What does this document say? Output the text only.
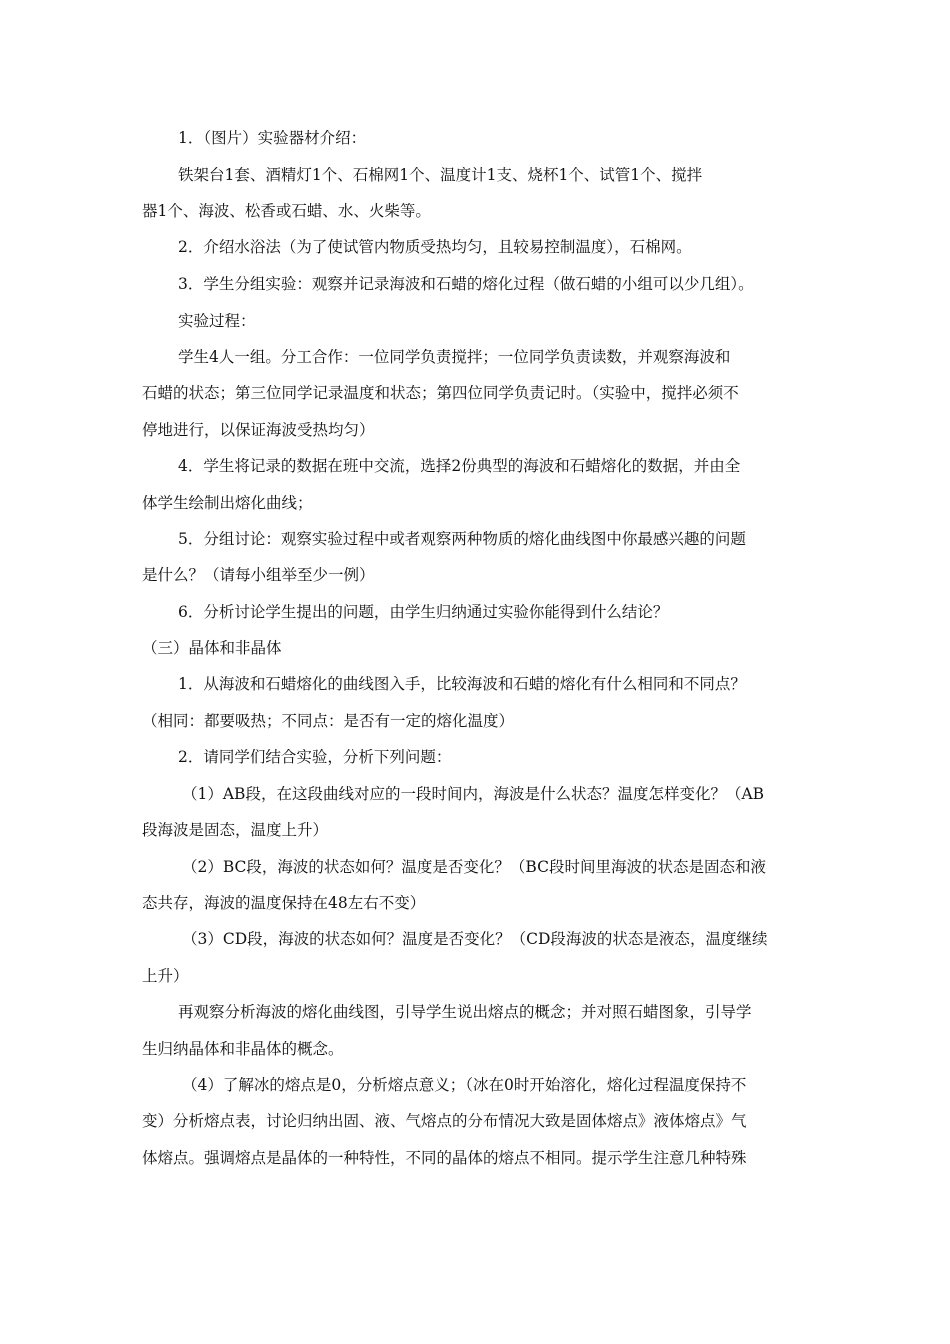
1．（图片）实验器材介绍：
铁架台1套、酒精灯1个、石棉网1个、温度计1支、烧杯1个、试管1个、搅拌
器1个、海波、松香或石蜡、水、火柴等。
2．介绍水浴法（为了使试管内物质受热均匀，且较易控制温度），石棉网。
3．学生分组实验：观察并记录海波和石蜡的熔化过程（做石蜡的小组可以少几组）。
实验过程：
学生4人一组。分工合作：一位同学负责搅拌；一位同学负责读数，并观察海波和
石蜡的状态；第三位同学记录温度和状态；第四位同学负责记时。（实验中，搅拌必须不
停地进行，以保证海波受热均匀）
4．学生将记录的数据在班中交流，选择2份典型的海波和石蜡熔化的数据，并由全
体学生绘制出熔化曲线；
5．分组讨论：观察实验过程中或者观察两种物质的熔化曲线图中你最感兴趣的问题
是什么？（请每小组举至少一例）
6．分析讨论学生提出的问题，由学生归纳通过实验你能得到什么结论？
（三）晶体和非晶体
1．从海波和石蜡熔化的曲线图入手，比较海波和石蜡的熔化有什么相同和不同点？
（相同：都要吸热；不同点：是否有一定的熔化温度）
2．请同学们结合实验，分析下列问题：
（1）AB段，在这段曲线对应的一段时间内，海波是什么状态？温度怎样变化？（AB
段海波是固态，温度上升）
（2）BC段，海波的状态如何？温度是否变化？（BC段时间里海波的状态是固态和液
态共存，海波的温度保持在48左右不变）
（3）CD段，海波的状态如何？温度是否变化？（CD段海波的状态是液态，温度继续
上升）
再观察分析海波的熔化曲线图，引导学生说出熔点的概念；并对照石蜡图象，引导学
生归纳晶体和非晶体的概念。
（4）了解冰的熔点是0，分析熔点意义；（冰在0时开始溶化，熔化过程温度保持不
变）分析熔点表，讨论归纳出固、液、气熔点的分布情况大致是固体熔点》液体熔点》气
体熔点。强调熔点是晶体的一种特性，不同的晶体的熔点不相同。提示学生注意几种特殊
